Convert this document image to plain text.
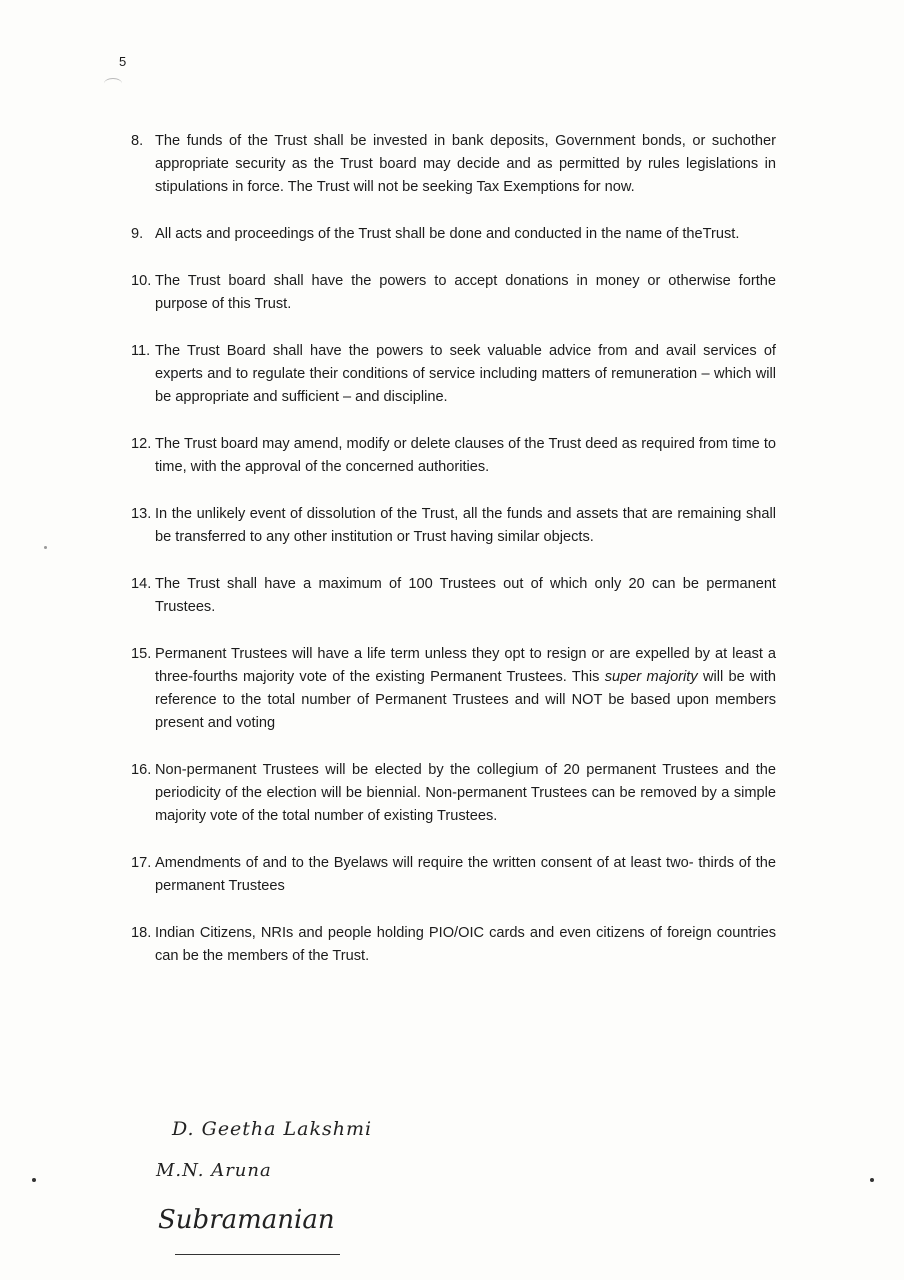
5
8. The funds of the Trust shall be invested in bank deposits, Government bonds, or suchother appropriate security as the Trust board may decide and as permitted by rules legislations in stipulations in force. The Trust will not be seeking Tax Exemptions for now.
9. All acts and proceedings of the Trust shall be done and conducted in the name of theTrust.
10. The Trust board shall have the powers to accept donations in money or otherwise forthe purpose of this Trust.
11. The Trust Board shall have the powers to seek valuable advice from and avail services of experts and to regulate their conditions of service including matters of remuneration – which will be appropriate and sufficient – and discipline.
12. The Trust board may amend, modify or delete clauses of the Trust deed as required from time to time, with the approval of the concerned authorities.
13. In the unlikely event of dissolution of the Trust, all the funds and assets that are remaining shall be transferred to any other institution or Trust having similar objects.
14. The Trust shall have a maximum of 100 Trustees out of which only 20 can be permanent Trustees.
15. Permanent Trustees will have a life term unless they opt to resign or are expelled by at least a three-fourths majority vote of the existing Permanent Trustees. This super majority will be with reference to the total number of Permanent Trustees and will NOT be based upon members present and voting
16. Non-permanent Trustees will be elected by the collegium of 20 permanent Trustees and the periodicity of the election will be biennial. Non-permanent Trustees can be removed by a simple majority vote of the total number of existing Trustees.
17. Amendments of and to the Byelaws will require the written consent of at least two- thirds of the permanent Trustees
18. Indian Citizens, NRIs and people holding PIO/OIC cards and even citizens of foreign countries can be the members of the Trust.
D. Geetha Lakshmi
M.N. Aruna
Subramanian
